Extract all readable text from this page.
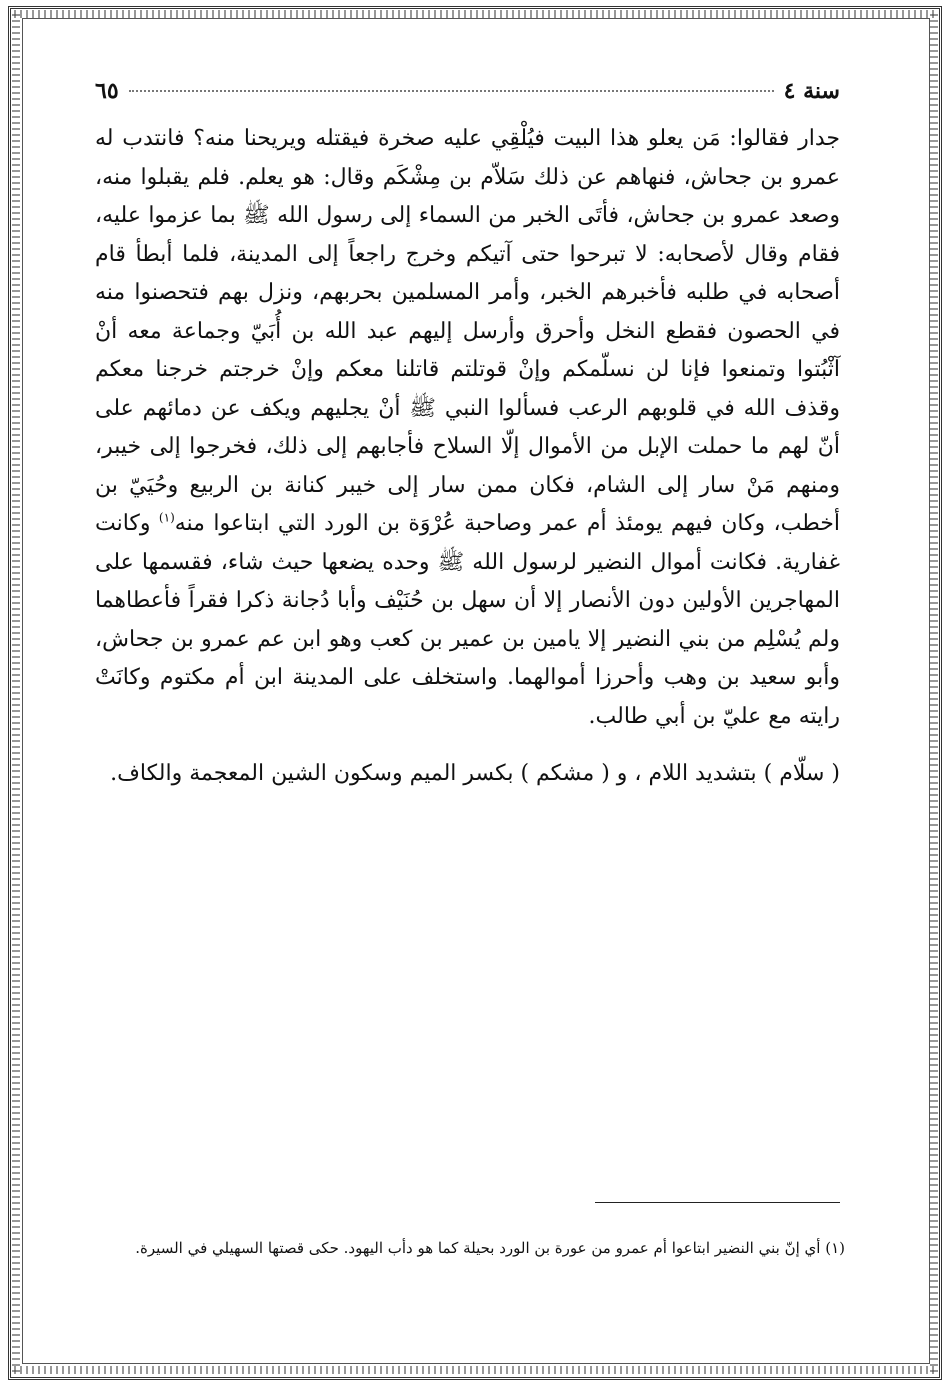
سنة ٤
٦٥

جدار فقالوا: مَن يعلو هذا البيت فيُلْقِي عليه صخرة فيقتله ويريحنا منه؟ فانتدب له عمرو بن جحاش، فنهاهم عن ذلك سَلاّم بن مِشْكَم وقال: هو يعلم. فلم يقبلوا منه، وصعد عمرو بن جحاش، فأتَى الخبر من السماء إلى رسول الله ﷺ بما عزموا عليه، فقام وقال لأصحابه: لا تبرحوا حتى آتيكم وخرج راجعاً إلى المدينة، فلما أبطأ قام أصحابه في طلبه فأخبرهم الخبر، وأمر المسلمين بحربهم، ونزل بهم فتحصنوا منه في الحصون فقطع النخل وأحرق وأرسل إليهم عبد الله بن أُبَيّ وجماعة معه أنْ آثْبُتوا وتمنعوا فإنا لن نسلّمكم وإنْ قوتلتم قاتلنا معكم وإنْ خرجتم خرجنا معكم وقذف الله في قلوبهم الرعب فسألوا النبي ﷺ أنْ يجليهم ويكف عن دمائهم على أنّ لهم ما حملت الإبل من الأموال إلّا السلاح فأجابهم إلى ذلك، فخرجوا إلى خيبر، ومنهم مَنْ سار إلى الشام، فكان ممن سار إلى خيبر كنانة بن الربيع وحُيَيّ بن أخطب، وكان فيهم يومئذ أم عمر وصاحبة عُرْوَة بن الورد التي ابتاعوا منه$^{(١)}$ وكانت غفارية. فكانت أموال النضير لرسول الله ﷺ وحده يضعها حيث شاء، فقسمها على المهاجرين الأولين دون الأنصار إلا أن سهل بن حُنَيْف وأبا دُجانة ذكرا فقراً فأعطاهما ولم يُسْلِم من بني النضير إلا يامين بن عمير بن كعب وهو ابن عم عمرو بن جحاش، وأبو سعيد بن وهب وأحرزا أموالهما. واستخلف على المدينة ابن أم مكتوم وكانَتْ رايته مع عليّ بن أبي طالب.

( سلّام ) بتشديد اللام ، و ( مشكم ) بكسر الميم وسكون الشين المعجمة والكاف.
(١) أي إنّ بني النضير ابتاعوا أم عمرو من عورة بن الورد بحيلة كما هو دأب اليهود. حكى قصتها السهيلي في السيرة.
